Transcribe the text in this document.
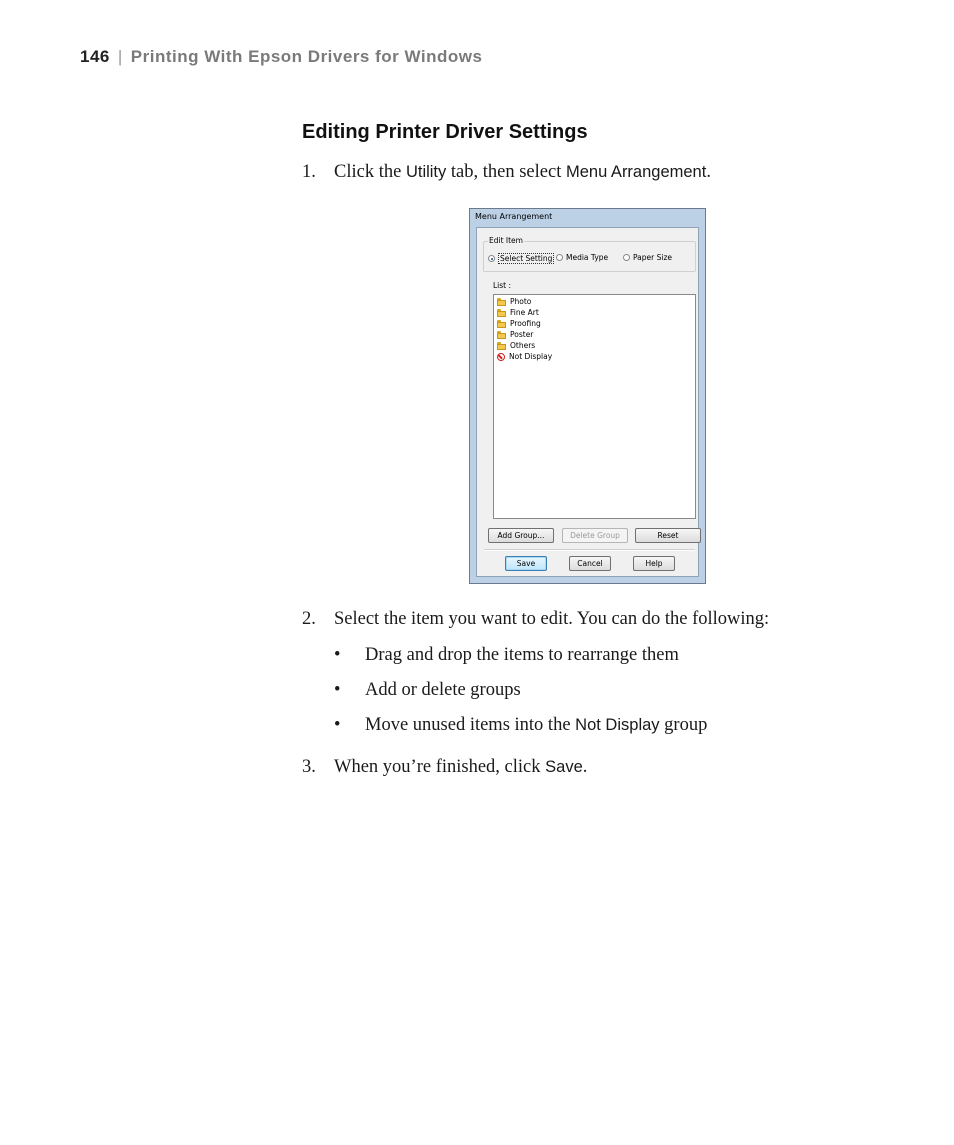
146 | Printing With Epson Drivers for Windows
Editing Printer Driver Settings
1. Click the Utility tab, then select Menu Arrangement.
Menu Arrangement
Edit Item
Select Setting Media Type	Paper Size
List :
Photo
Fine Art
Proofing
Poster
Others
Not Display
Add Group...	Delete Group	Reset
Save	Cancel	Help
2. Select the item you want to edit. You can do the following:
• Drag and drop the items to rearrange them
• Add or delete groups
• Move unused items into the Not Display group
3. When you’re finished, click Save.
